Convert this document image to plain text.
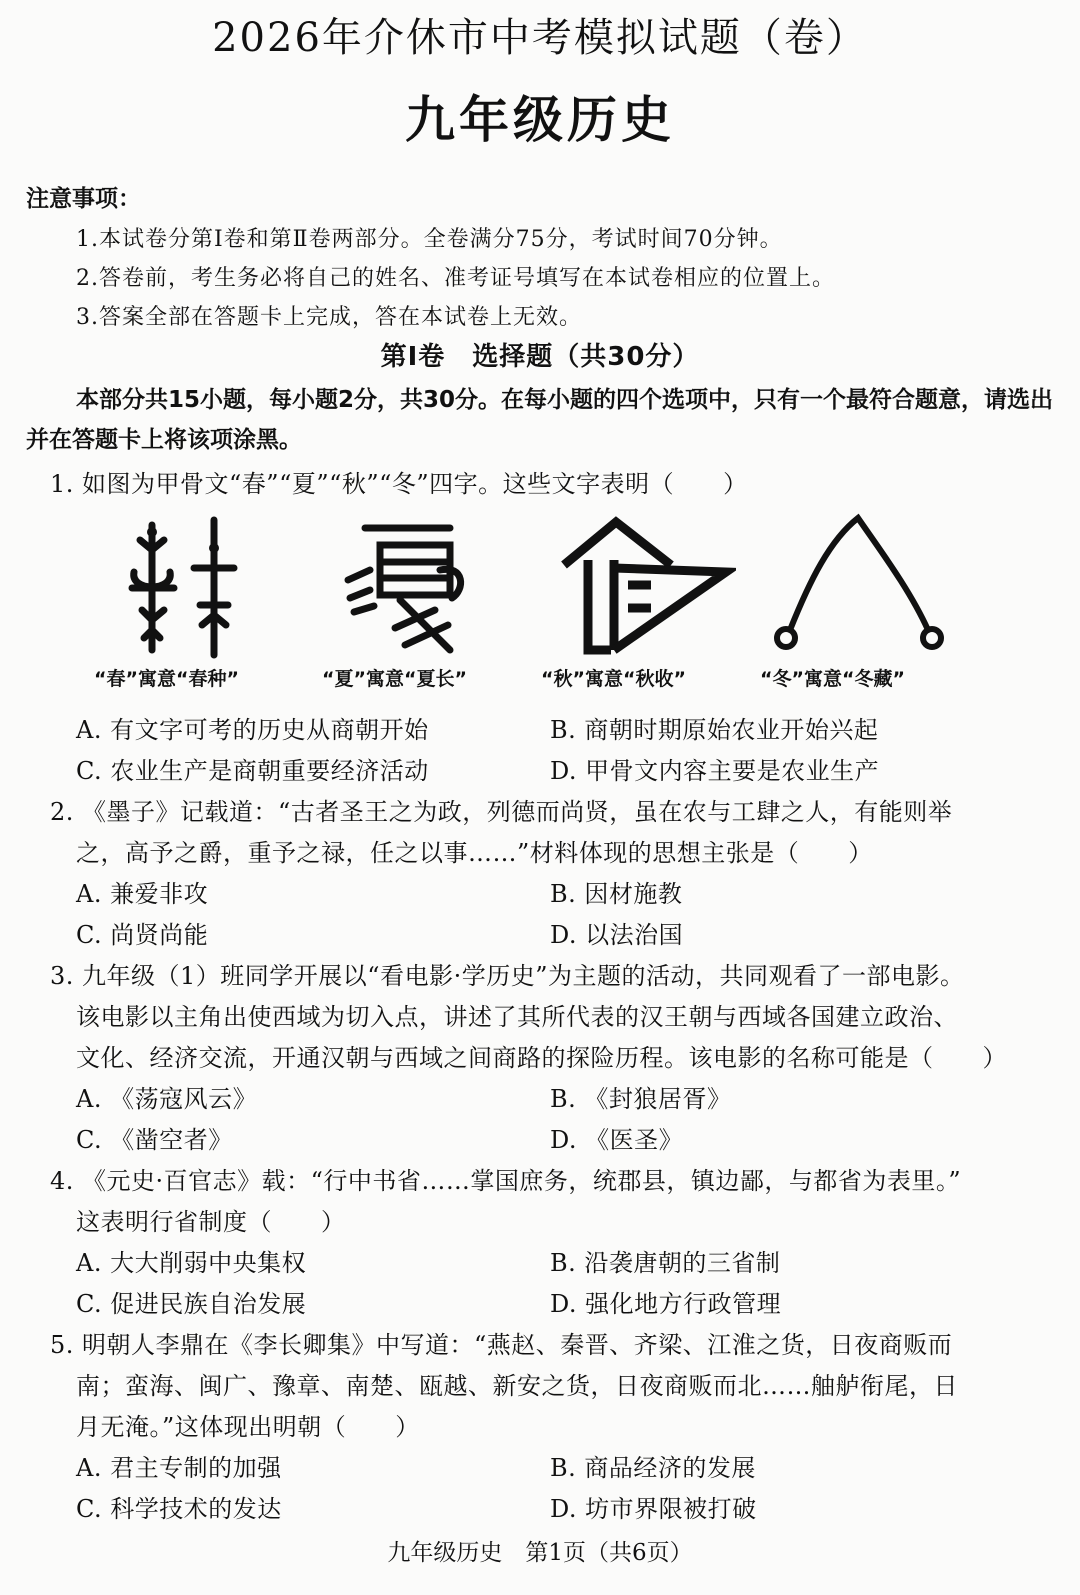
2026年介休市中考模拟试题（卷）
九年级历史
注意事项：
1.本试卷分第Ⅰ卷和第Ⅱ卷两部分。全卷满分75分，考试时间70分钟。
2.答卷前，考生务必将自己的姓名、准考证号填写在本试卷相应的位置上。
3.答案全部在答题卡上完成，答在本试卷上无效。
第Ⅰ卷　选择题（共30分）
本部分共15小题，每小题2分，共30分。在每小题的四个选项中，只有一个最符合题意，请选出并在答题卡上将该项涂黑。
1. 如图为甲骨文“春”“夏”“秋”“冬”四字。这些文字表明（　　）
“春”寓意“春种”	“夏”寓意“夏长”	“秋”寓意“秋收”	“冬”寓意“冬藏”
A. 有文字可考的历史从商朝开始	B. 商朝时期原始农业开始兴起
C. 农业生产是商朝重要经济活动	D. 甲骨文内容主要是农业生产
2. 《墨子》记载道：“古者圣王之为政，列德而尚贤，虽在农与工肆之人，有能则举
之，高予之爵，重予之禄，任之以事……”材料体现的思想主张是（　　）
A. 兼爱非攻	B. 因材施教
C. 尚贤尚能	D. 以法治国
3. 九年级（1）班同学开展以“看电影·学历史”为主题的活动，共同观看了一部电影。
该电影以主角出使西域为切入点，讲述了其所代表的汉王朝与西域各国建立政治、
文化、经济交流，开通汉朝与西域之间商路的探险历程。该电影的名称可能是（　　）
A. 《荡寇风云》	B. 《封狼居胥》
C. 《凿空者》	D. 《医圣》
4. 《元史·百官志》载：“行中书省……掌国庶务，统郡县，镇边鄙，与都省为表里。”
这表明行省制度（　　）
A. 大大削弱中央集权	B. 沿袭唐朝的三省制
C. 促进民族自治发展	D. 强化地方行政管理
5. 明朝人李鼎在《李长卿集》中写道：“燕赵、秦晋、齐梁、江淮之货，日夜商贩而
南；蛮海、闽广、豫章、南楚、瓯越、新安之货，日夜商贩而北……舳舻衔尾，日
月无淹。”这体现出明朝（　　）
A. 君主专制的加强	B. 商品经济的发展
C. 科学技术的发达	D. 坊市界限被打破
九年级历史　第1页（共6页）
